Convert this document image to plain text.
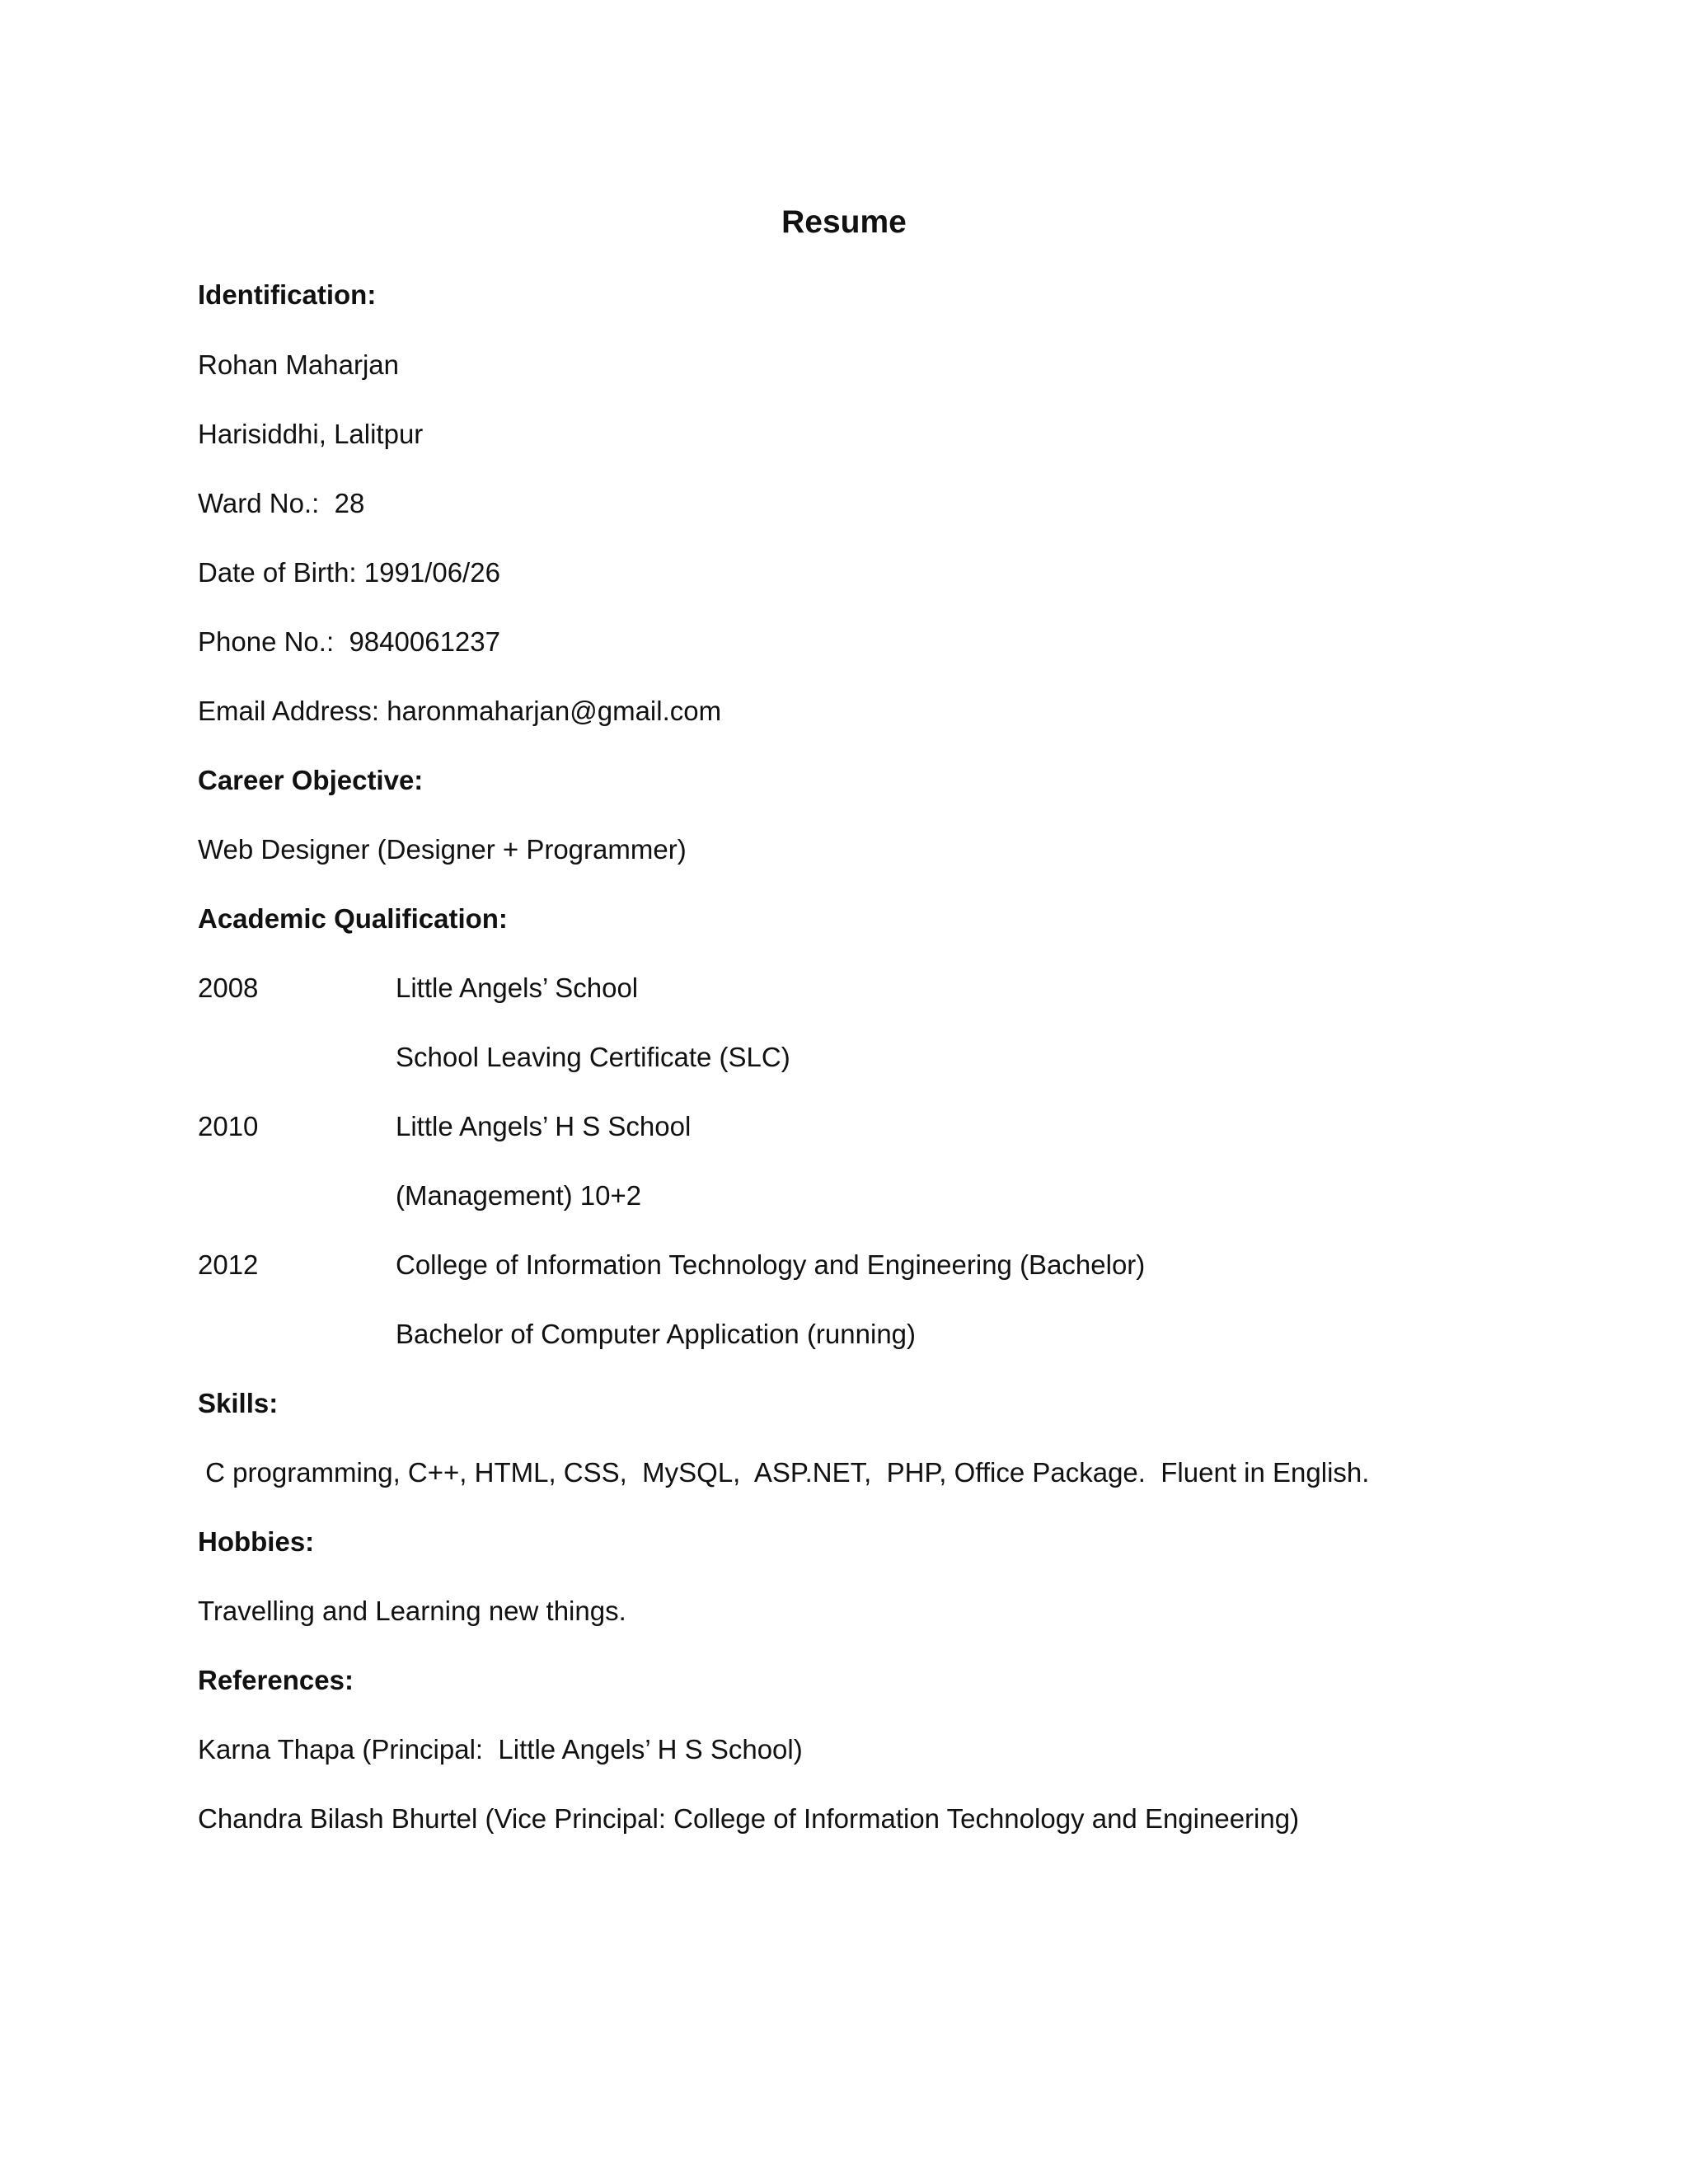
Resume
Identification:
Rohan Maharjan
Harisiddhi, Lalitpur
Ward No.:  28
Date of Birth: 1991/06/26
Phone No.:  9840061237
Email Address: haronmaharjan@gmail.com
Career Objective:
Web Designer (Designer + Programmer)
Academic Qualification:
2008	Little Angels’ School
School Leaving Certificate (SLC)
2010	Little Angels’ H S School
(Management) 10+2
2012	College of Information Technology and Engineering (Bachelor)
Bachelor of Computer Application (running)
Skills:
C programming, C++, HTML, CSS,  MySQL,  ASP.NET,  PHP, Office Package.  Fluent in English.
Hobbies:
Travelling and Learning new things.
References:
Karna Thapa (Principal:  Little Angels’ H S School)
Chandra Bilash Bhurtel (Vice Principal: College of Information Technology and Engineering)
